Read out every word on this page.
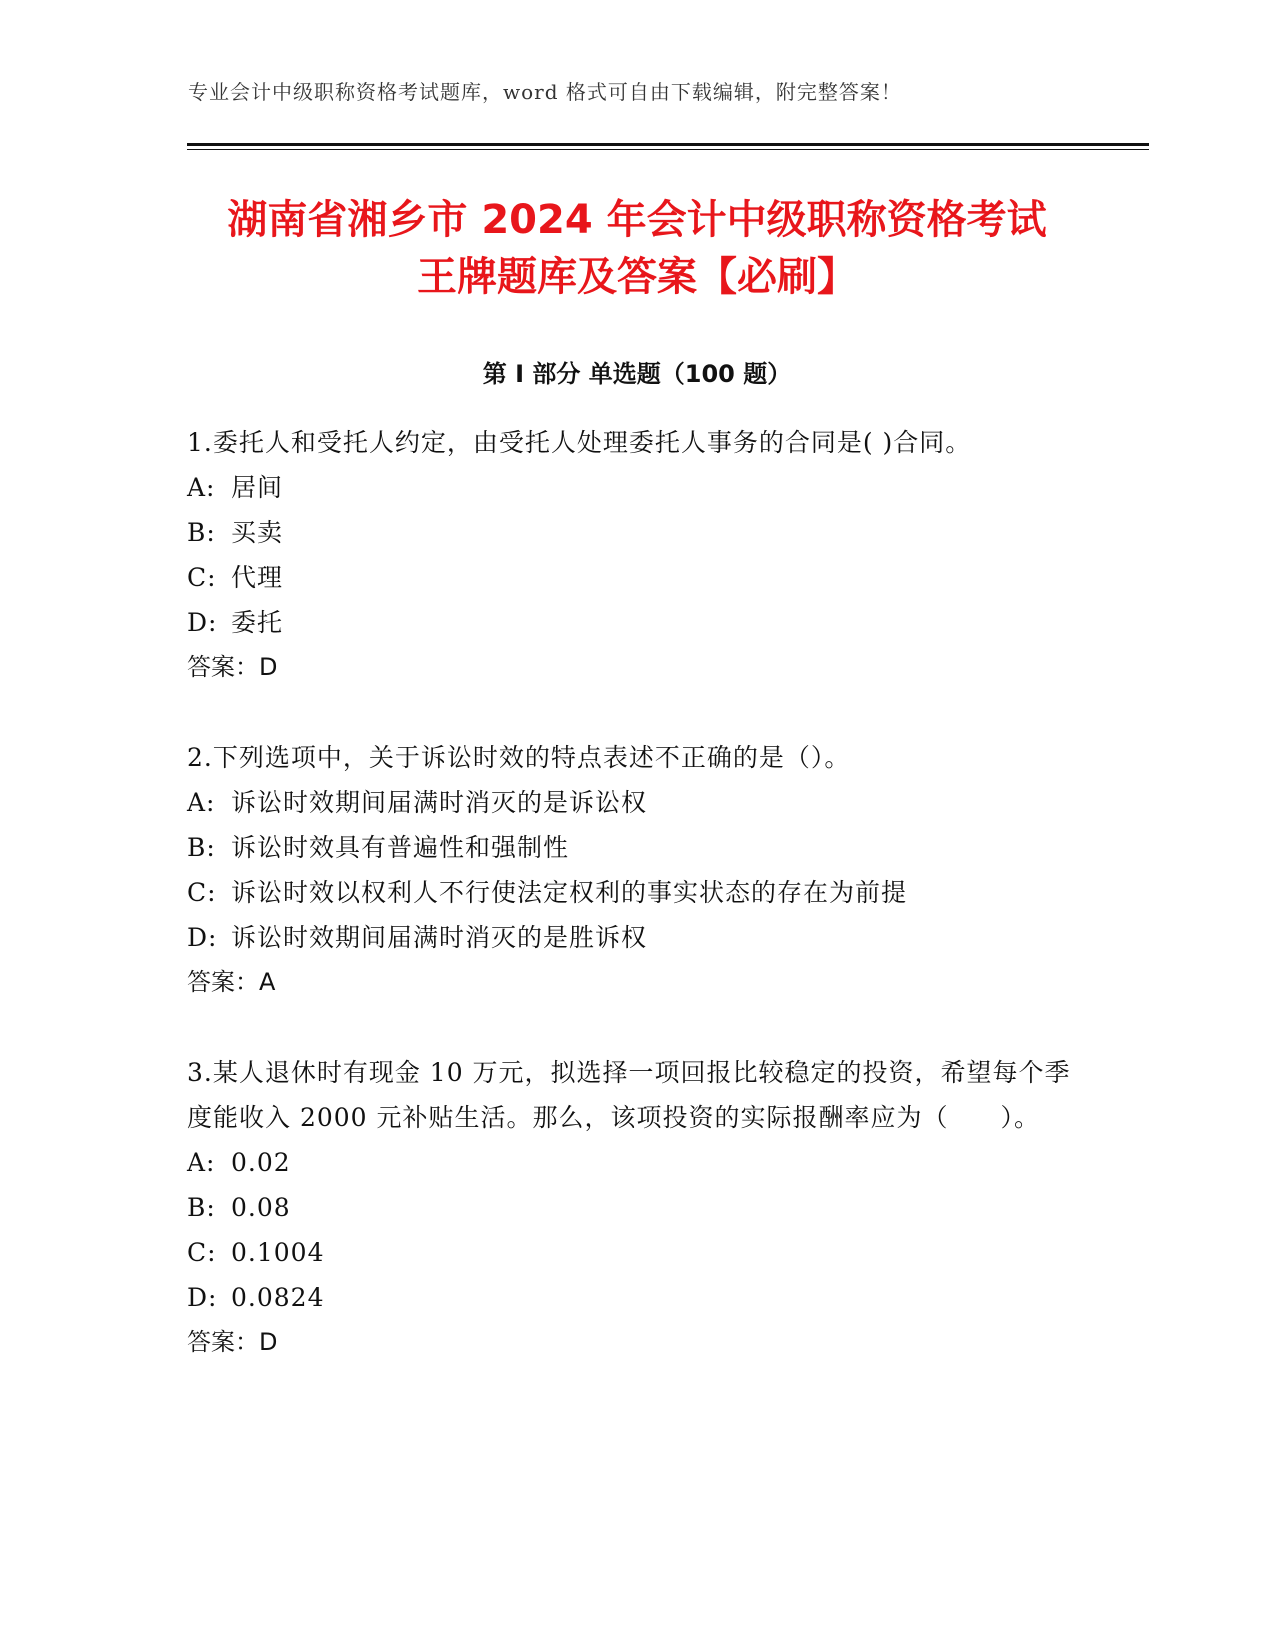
专业会计中级职称资格考试题库，word 格式可自由下载编辑，附完整答案！
湖南省湘乡市 2024 年会计中级职称资格考试
王牌题库及答案【必刷】
第 I 部分 单选题（100 题）

1.委托人和受托人约定，由受托人处理委托人事务的合同是( )合同。

A: 居间

B: 买卖

C: 代理

D: 委托

答案：D

2.下列选项中，关于诉讼时效的特点表述不正确的是（）。

A: 诉讼时效期间届满时消灭的是诉讼权

B: 诉讼时效具有普遍性和强制性

C: 诉讼时效以权利人不行使法定权利的事实状态的存在为前提

D: 诉讼时效期间届满时消灭的是胜诉权

答案：A

3.某人退休时有现金 10 万元，拟选择一项回报比较稳定的投资，希望每个季度能收入 2000 元补贴生活。那么，该项投资的实际报酬率应为（　　）。

A: 0.02

B: 0.08

C: 0.1004

D: 0.0824

答案：D
